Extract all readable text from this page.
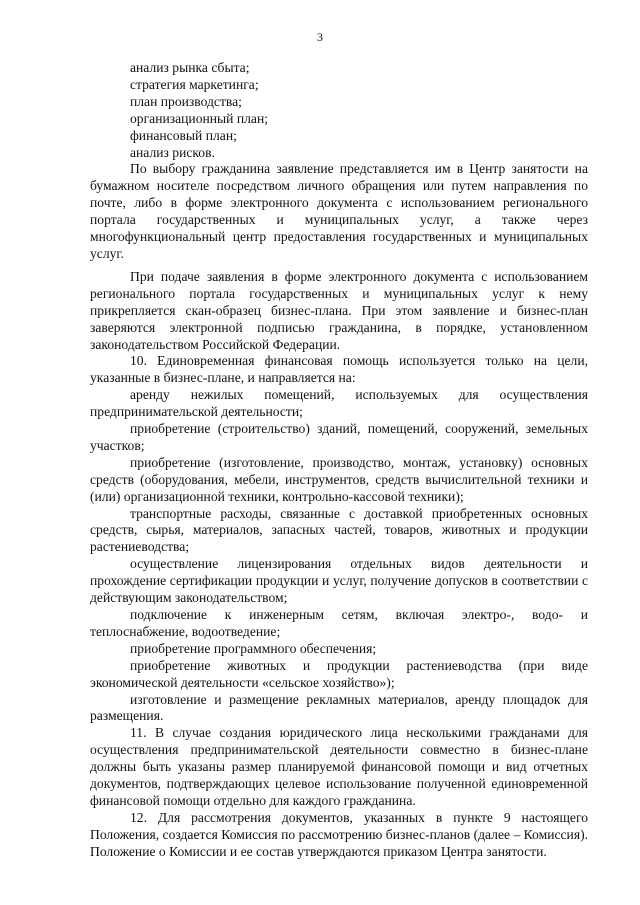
3

анализ рынка сбыта;

стратегия маркетинга;

план производства;

организационный план;

финансовый план;

анализ рисков.

По выбору гражданина заявление представляется им в Центр занятости на бумажном носителе посредством личного обращения или путем направления по почте, либо в форме электронного документа с использованием регионального портала государственных и муниципальных услуг, а также через многофункциональный центр предоставления государственных и муниципальных услуг.

При подаче заявления в форме электронного документа с использованием регионального портала государственных и муниципальных услуг к нему прикрепляется скан-образец бизнес-плана. При этом заявление и бизнес-план заверяются электронной подписью гражданина, в порядке, установленном законодательством Российской Федерации.

10. Единовременная финансовая помощь используется только на цели, указанные в бизнес-плане, и направляется на:

аренду нежилых помещений, используемых для осуществления предпринимательской деятельности;

приобретение (строительство) зданий, помещений, сооружений, земельных участков;

приобретение (изготовление, производство, монтаж, установку) основных средств (оборудования, мебели, инструментов, средств вычислительной техники и (или) организационной техники, контрольно-кассовой техники);

транспортные расходы, связанные с доставкой приобретенных основных средств, сырья, материалов, запасных частей, товаров, животных и продукции растениеводства;

осуществление лицензирования отдельных видов деятельности и прохождение сертификации продукции и услуг, получение допусков в соответствии с действующим законодательством;

подключение к инженерным сетям, включая электро-, водо- и теплоснабжение, водоотведение;

приобретение программного обеспечения;

приобретение животных и продукции растениеводства (при виде экономической деятельности «сельское хозяйство»);

изготовление и размещение рекламных материалов, аренду площадок для размещения.

11. В случае создания юридического лица несколькими гражданами для осуществления предпринимательской деятельности совместно в бизнес-плане должны быть указаны размер планируемой финансовой помощи и вид отчетных документов, подтверждающих целевое использование полученной единовременной финансовой помощи отдельно для каждого гражданина.

12. Для рассмотрения документов, указанных в пункте 9 настоящего Положения, создается Комиссия по рассмотрению бизнес-планов (далее – Комиссия). Положение о Комиссии и ее состав утверждаются приказом Центра занятости.
